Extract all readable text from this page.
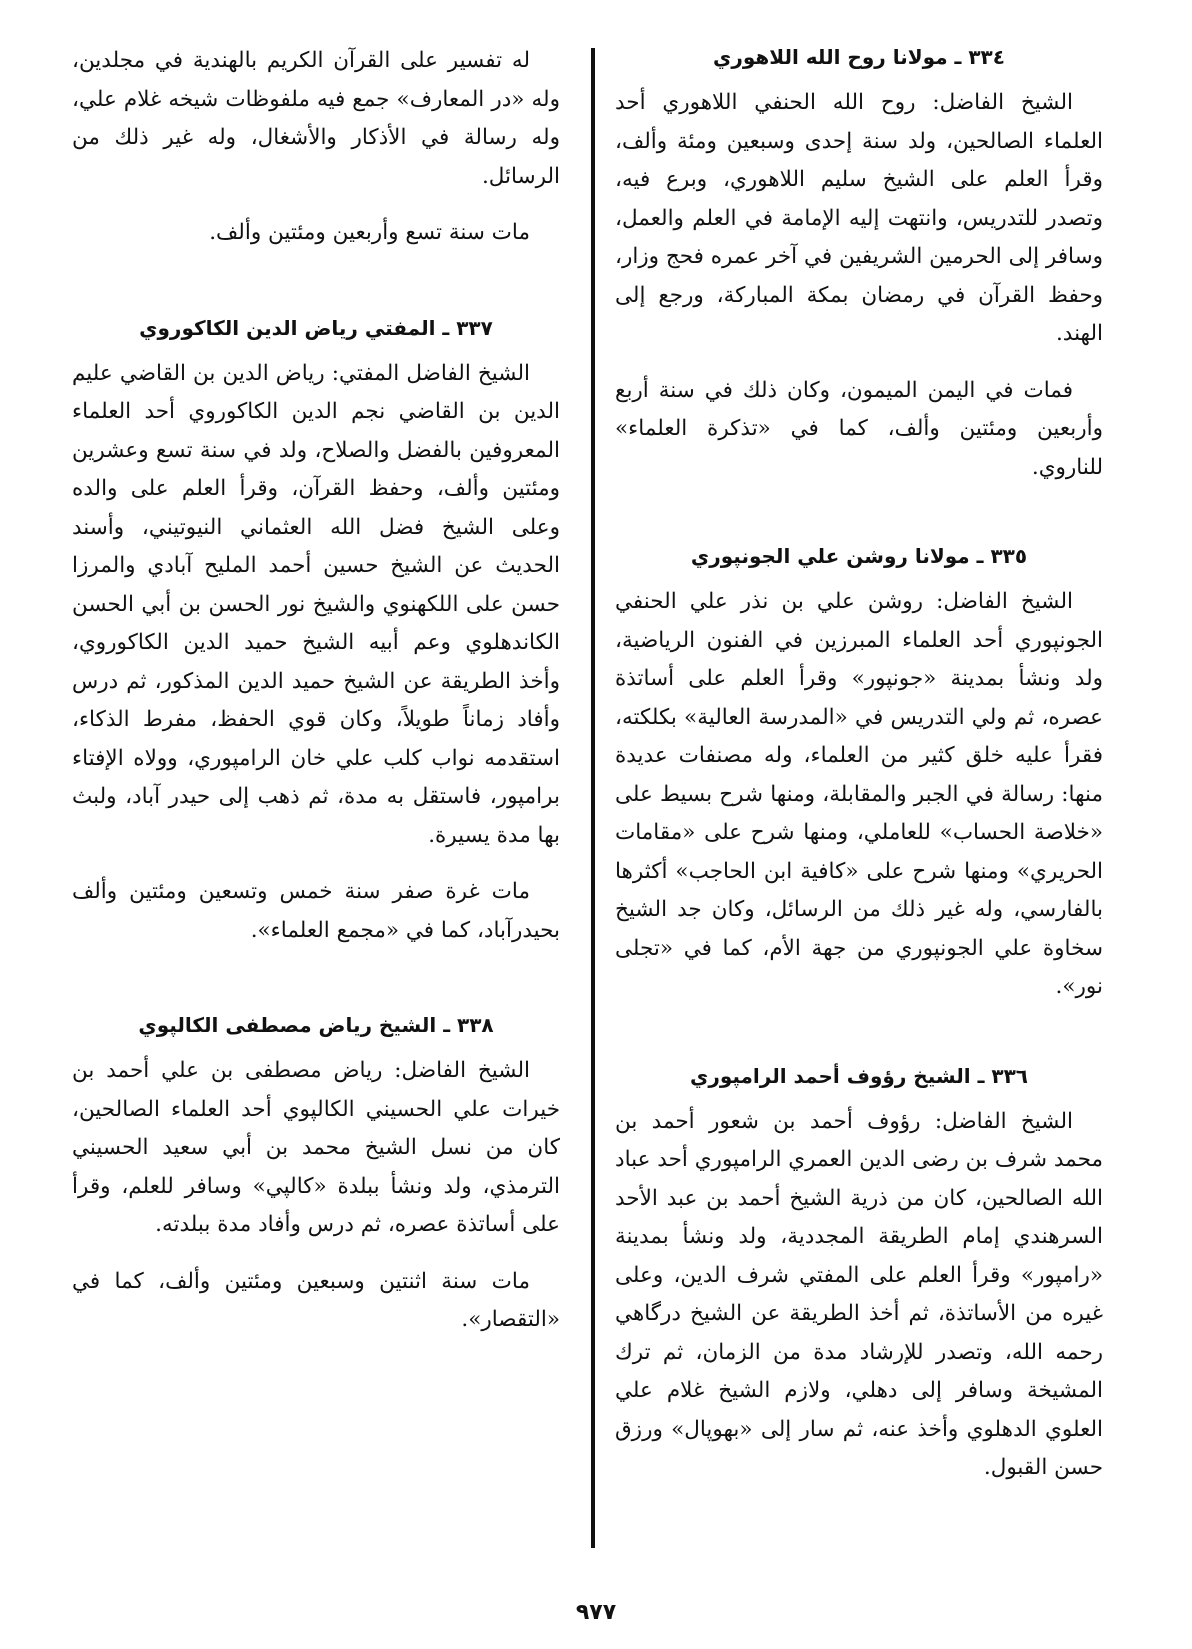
٣٣٤ ـ مولانا روح الله اللاهوري

الشيخ الفاضل: روح الله الحنفي اللاهوري أحد العلماء الصالحين، ولد سنة إحدى وسبعين ومئة وألف، وقرأ العلم على الشيخ سليم اللاهوري، وبرع فيه، وتصدر للتدريس، وانتهت إليه الإمامة في العلم والعمل، وسافر إلى الحرمين الشريفين في آخر عمره فحج وزار، وحفظ القرآن في رمضان بمكة المباركة، ورجع إلى الهند.

فمات في اليمن الميمون، وكان ذلك في سنة أربع وأربعين ومئتين وألف، كما في «تذكرة العلماء» للناروي.

٣٣٥ ـ مولانا روشن علي الجونپوري

الشيخ الفاضل: روشن علي بن نذر علي الحنفي الجونپوري أحد العلماء المبرزين في الفنون الرياضية، ولد ونشأ بمدينة «جونپور» وقرأ العلم على أساتذة عصره، ثم ولي التدريس في «المدرسة العالية» بكلكته، فقرأ عليه خلق كثير من العلماء، وله مصنفات عديدة منها: رسالة في الجبر والمقابلة، ومنها شرح بسيط على «خلاصة الحساب» للعاملي، ومنها شرح على «مقامات الحريري» ومنها شرح على «كافية ابن الحاجب» أكثرها بالفارسي، وله غير ذلك من الرسائل، وكان جد الشيخ سخاوة علي الجونپوري من جهة الأم، كما في «تجلى نور».

٣٣٦ ـ الشيخ رؤوف أحمد الرامپوري

الشيخ الفاضل: رؤوف أحمد بن شعور أحمد بن محمد شرف بن رضى الدين العمري الرامپوري أحد عباد الله الصالحين، كان من ذرية الشيخ أحمد بن عبد الأحد السرهندي إمام الطريقة المجددية، ولد ونشأ بمدينة «رامپور» وقرأ العلم على المفتي شرف الدين، وعلى غيره من الأساتذة، ثم أخذ الطريقة عن الشيخ درگاهي رحمه الله، وتصدر للإرشاد مدة من الزمان، ثم ترك المشيخة وسافر إلى دهلي، ولازم الشيخ غلام علي العلوي الدهلوي وأخذ عنه، ثم سار إلى «بهوپال» ورزق حسن القبول.

له تفسير على القرآن الكريم بالهندية في مجلدين، وله «در المعارف» جمع فيه ملفوظات شيخه غلام علي، وله رسالة في الأذكار والأشغال، وله غير ذلك من الرسائل.

مات سنة تسع وأربعين ومئتين وألف.

٣٣٧ ـ المفتي رياض الدين الكاكوروي

الشيخ الفاضل المفتي: رياض الدين بن القاضي عليم الدين بن القاضي نجم الدين الكاكوروي أحد العلماء المعروفين بالفضل والصلاح، ولد في سنة تسع وعشرين ومئتين وألف، وحفظ القرآن، وقرأ العلم على والده وعلى الشيخ فضل الله العثماني النيوتيني، وأسند الحديث عن الشيخ حسين أحمد المليح آبادي والمرزا حسن على اللكهنوي والشيخ نور الحسن بن أبي الحسن الكاندهلوي وعم أبيه الشيخ حميد الدين الكاكوروي، وأخذ الطريقة عن الشيخ حميد الدين المذكور، ثم درس وأفاد زماناً طويلاً، وكان قوي الحفظ، مفرط الذكاء، استقدمه نواب كلب علي خان الرامپوري، وولاه الإفتاء برامپور، فاستقل به مدة، ثم ذهب إلى حيدر آباد، ولبث بها مدة يسيرة.

مات غرة صفر سنة خمس وتسعين ومئتين وألف بحيدرآباد، كما في «مجمع العلماء».

٣٣٨ ـ الشيخ رياض مصطفى الكالپوي

الشيخ الفاضل: رياض مصطفى بن علي أحمد بن خيرات علي الحسيني الكالپوي أحد العلماء الصالحين، كان من نسل الشيخ محمد بن أبي سعيد الحسيني الترمذي، ولد ونشأ ببلدة «كالپي» وسافر للعلم، وقرأ على أساتذة عصره، ثم درس وأفاد مدة ببلدته.

مات سنة اثنتين وسبعين ومئتين وألف، كما في «التقصار».

٩٧٧
